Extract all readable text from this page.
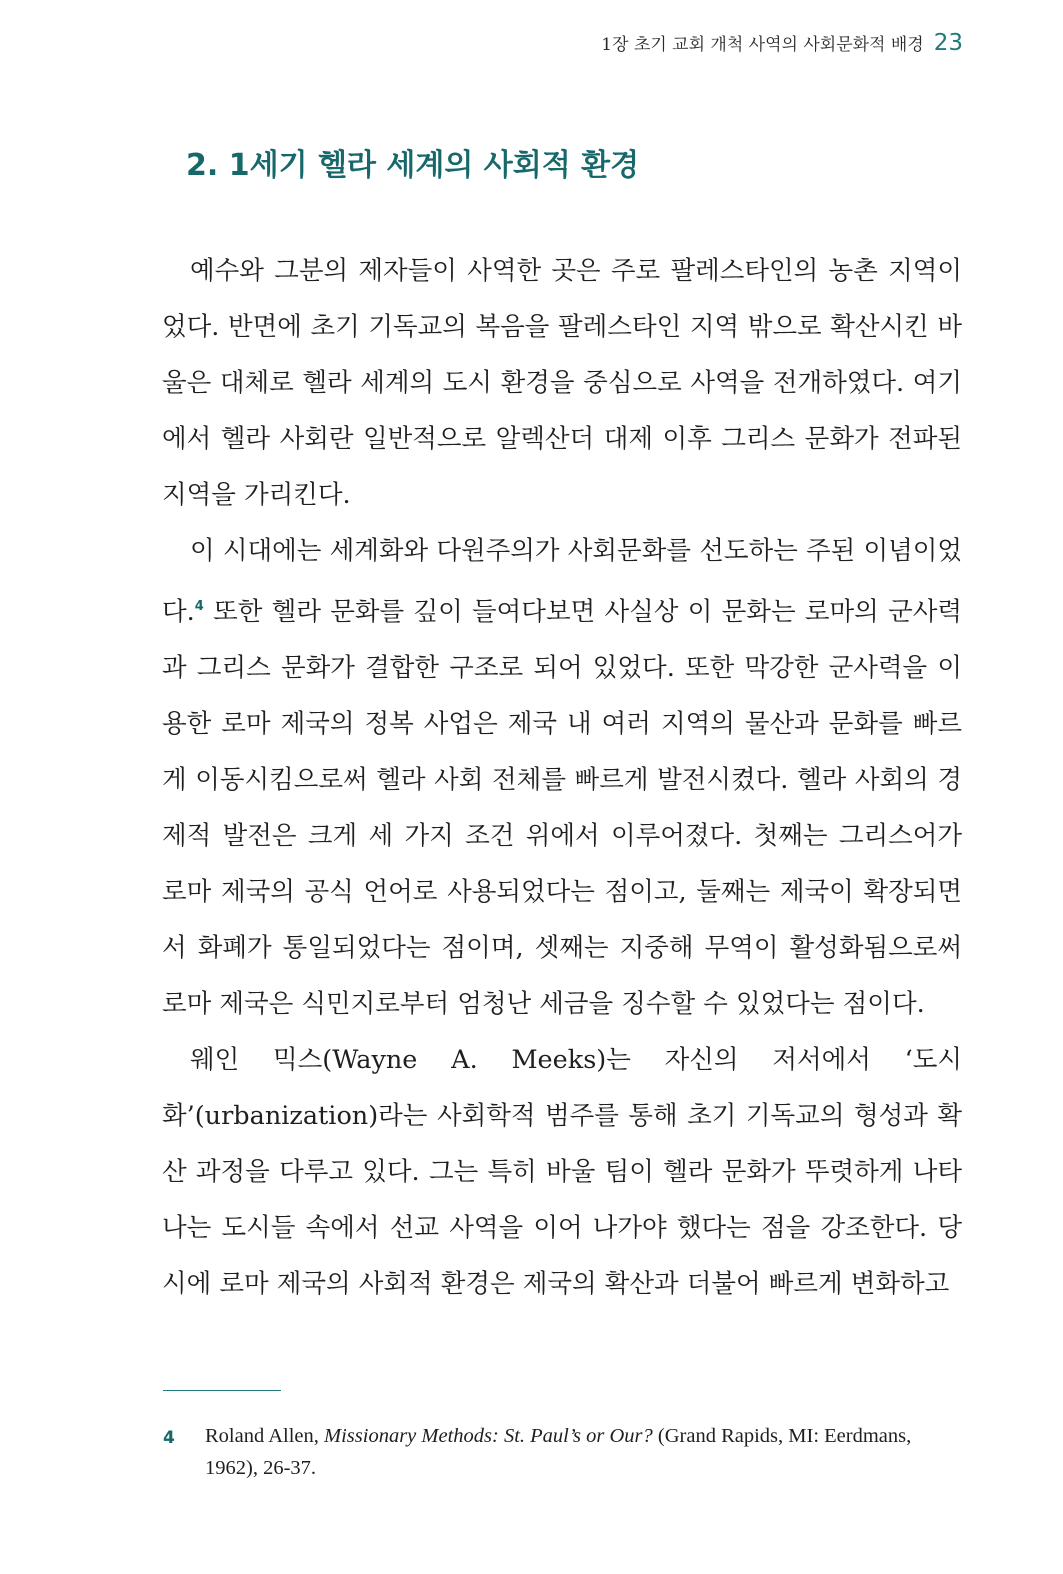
1장 초기 교회 개척 사역의 사회문화적 배경 23
2. 1세기 헬라 세계의 사회적 환경

예수와 그분의 제자들이 사역한 곳은 주로 팔레스타인의 농촌 지역이었다. 반면에 초기 기독교의 복음을 팔레스타인 지역 밖으로 확산시킨 바울은 대체로 헬라 세계의 도시 환경을 중심으로 사역을 전개하였다. 여기에서 헬라 사회란 일반적으로 알렉산더 대제 이후 그리스 문화가 전파된 지역을 가리킨다.

이 시대에는 세계화와 다원주의가 사회문화를 선도하는 주된 이념이었다.$^4$ 또한 헬라 문화를 깊이 들여다보면 사실상 이 문화는 로마의 군사력과 그리스 문화가 결합한 구조로 되어 있었다. 또한 막강한 군사력을 이용한 로마 제국의 정복 사업은 제국 내 여러 지역의 물산과 문화를 빠르게 이동시킴으로써 헬라 사회 전체를 빠르게 발전시켰다. 헬라 사회의 경제적 발전은 크게 세 가지 조건 위에서 이루어졌다. 첫째는 그리스어가 로마 제국의 공식 언어로 사용되었다는 점이고, 둘째는 제국이 확장되면서 화폐가 통일되었다는 점이며, 셋째는 지중해 무역이 활성화됨으로써 로마 제국은 식민지로부터 엄청난 세금을 징수할 수 있었다는 점이다.

웨인 믹스(Wayne A. Meeks)는 자신의 저서에서 ‘도시화’(urbanization)라는 사회학적 범주를 통해 초기 기독교의 형성과 확산 과정을 다루고 있다. 그는 특히 바울 팀이 헬라 문화가 뚜렷하게 나타나는 도시들 속에서 선교 사역을 이어 나가야 했다는 점을 강조한다. 당시에 로마 제국의 사회적 환경은 제국의 확산과 더불어 빠르게 변화하고

4	Roland Allen, Missionary Methods: St. Paul’s or Our? (Grand Rapids, MI: Eerdmans, 1962), 26-37.
